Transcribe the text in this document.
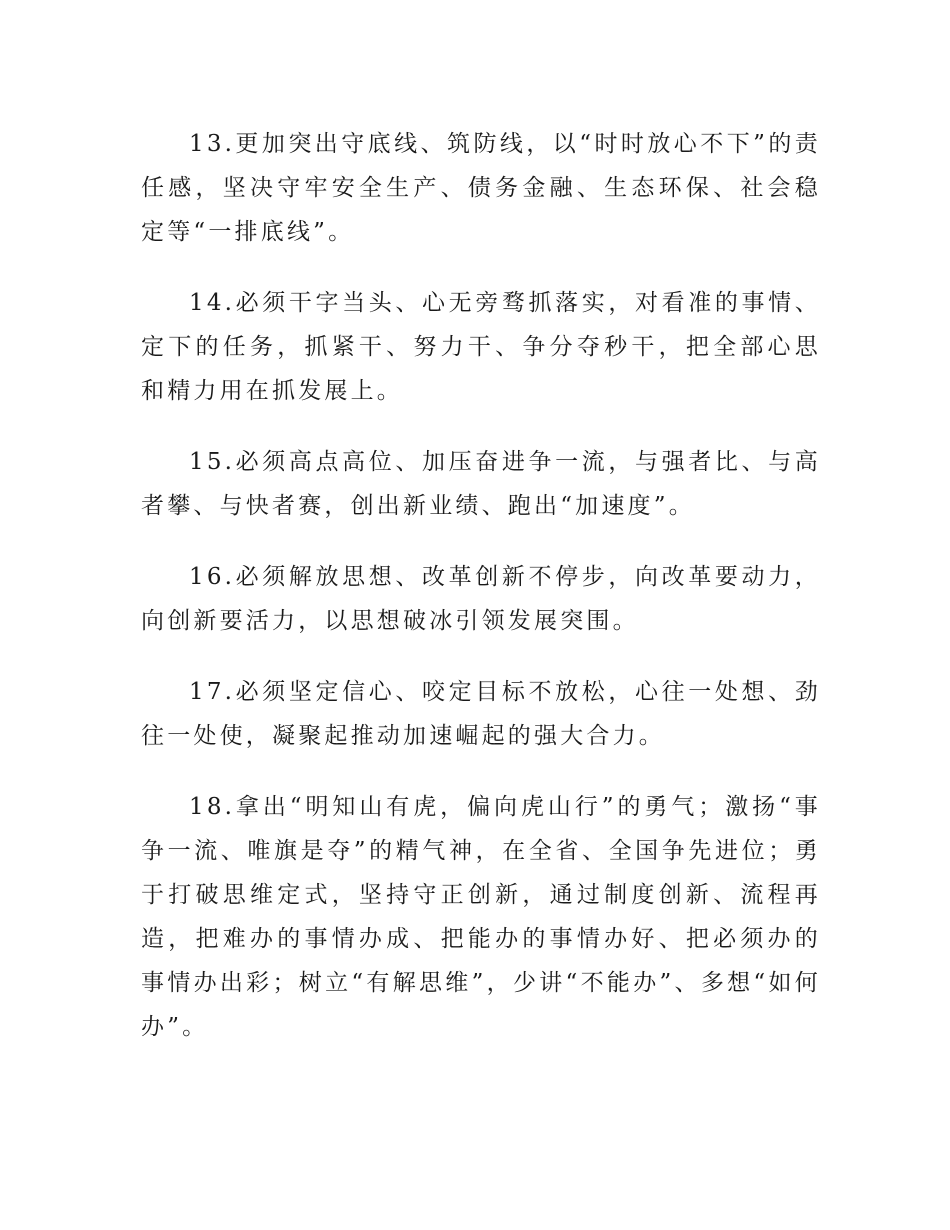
13.更加突出守底线、筑防线，以“时时放心不下”的责任感，坚决守牢安全生产、债务金融、生态环保、社会稳定等“一排底线”。

14.必须干字当头、心无旁骛抓落实，对看准的事情、定下的任务，抓紧干、努力干、争分夺秒干，把全部心思和精力用在抓发展上。

15.必须高点高位、加压奋进争一流，与强者比、与高者攀、与快者赛，创出新业绩、跑出“加速度”。

16.必须解放思想、改革创新不停步，向改革要动力，向创新要活力，以思想破冰引领发展突围。

17.必须坚定信心、咬定目标不放松，心往一处想、劲往一处使，凝聚起推动加速崛起的强大合力。

18.拿出“明知山有虎，偏向虎山行”的勇气；激扬“事争一流、唯旗是夺”的精气神，在全省、全国争先进位；勇于打破思维定式，坚持守正创新，通过制度创新、流程再造，把难办的事情办成、把能办的事情办好、把必须办的事情办出彩；树立“有解思维”，少讲“不能办”、多想“如何办”。
